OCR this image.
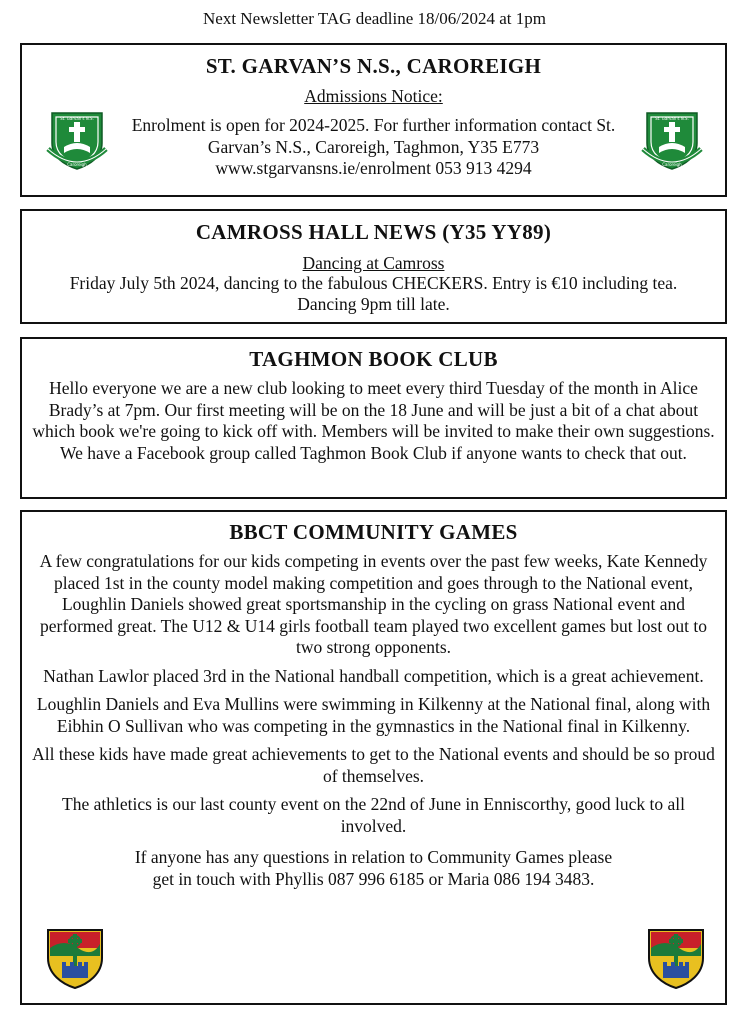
Next Newsletter TAG deadline 18/06/2024 at 1pm
ST. GARVAN’S N.S., CAROREIGH
Admissions Notice:
Enrolment is open for 2024-2025. For further information contact St. Garvan’s N.S., Caroreigh, Taghmon, Y35 E773 www.stgarvansns.ie/enrolment 053 913 4294
St. Garvan's N.S.
Caroreigh
St. Garvan's N.S.
Caroreigh
CAMROSS HALL NEWS (Y35 YY89)
Dancing at Camross
Friday July 5th 2024, dancing to the fabulous CHECKERS. Entry is €10 including tea. Dancing 9pm till late.
TAGHMON BOOK CLUB
Hello everyone we are a new club looking to meet every third Tuesday of the month in Alice Brady’s at 7pm. Our first meeting will be on the 18 June and will be just a bit of a chat about which book we're going to kick off with. Members will be invited to make their own suggestions. We have a Facebook group called Taghmon Book Club if anyone wants to check that out.
BBCT COMMUNITY GAMES
A few congratulations for our kids competing in events over the past few weeks, Kate Kennedy placed 1st in the county model making competition and goes through to the National event, Loughlin Daniels showed great sportsmanship in the cycling on grass National event and performed great. The U12 & U14 girls football team played two excellent games but lost out to two strong opponents.
Nathan Lawlor placed 3rd in the National handball competition, which is a great achievement.
Loughlin Daniels and Eva Mullins were swimming in Kilkenny at the National final, along with Eibhin O Sullivan who was competing in the gymnastics in the National final in Kilkenny.
All these kids have made great achievements to get to the National events and should be so proud of themselves.
The athletics is our last county event on the 22nd of June in Enniscorthy, good luck to all involved.
If anyone has any questions in relation to Community Games please get in touch with Phyllis 087 996 6185 or Maria 086 194 3483.
